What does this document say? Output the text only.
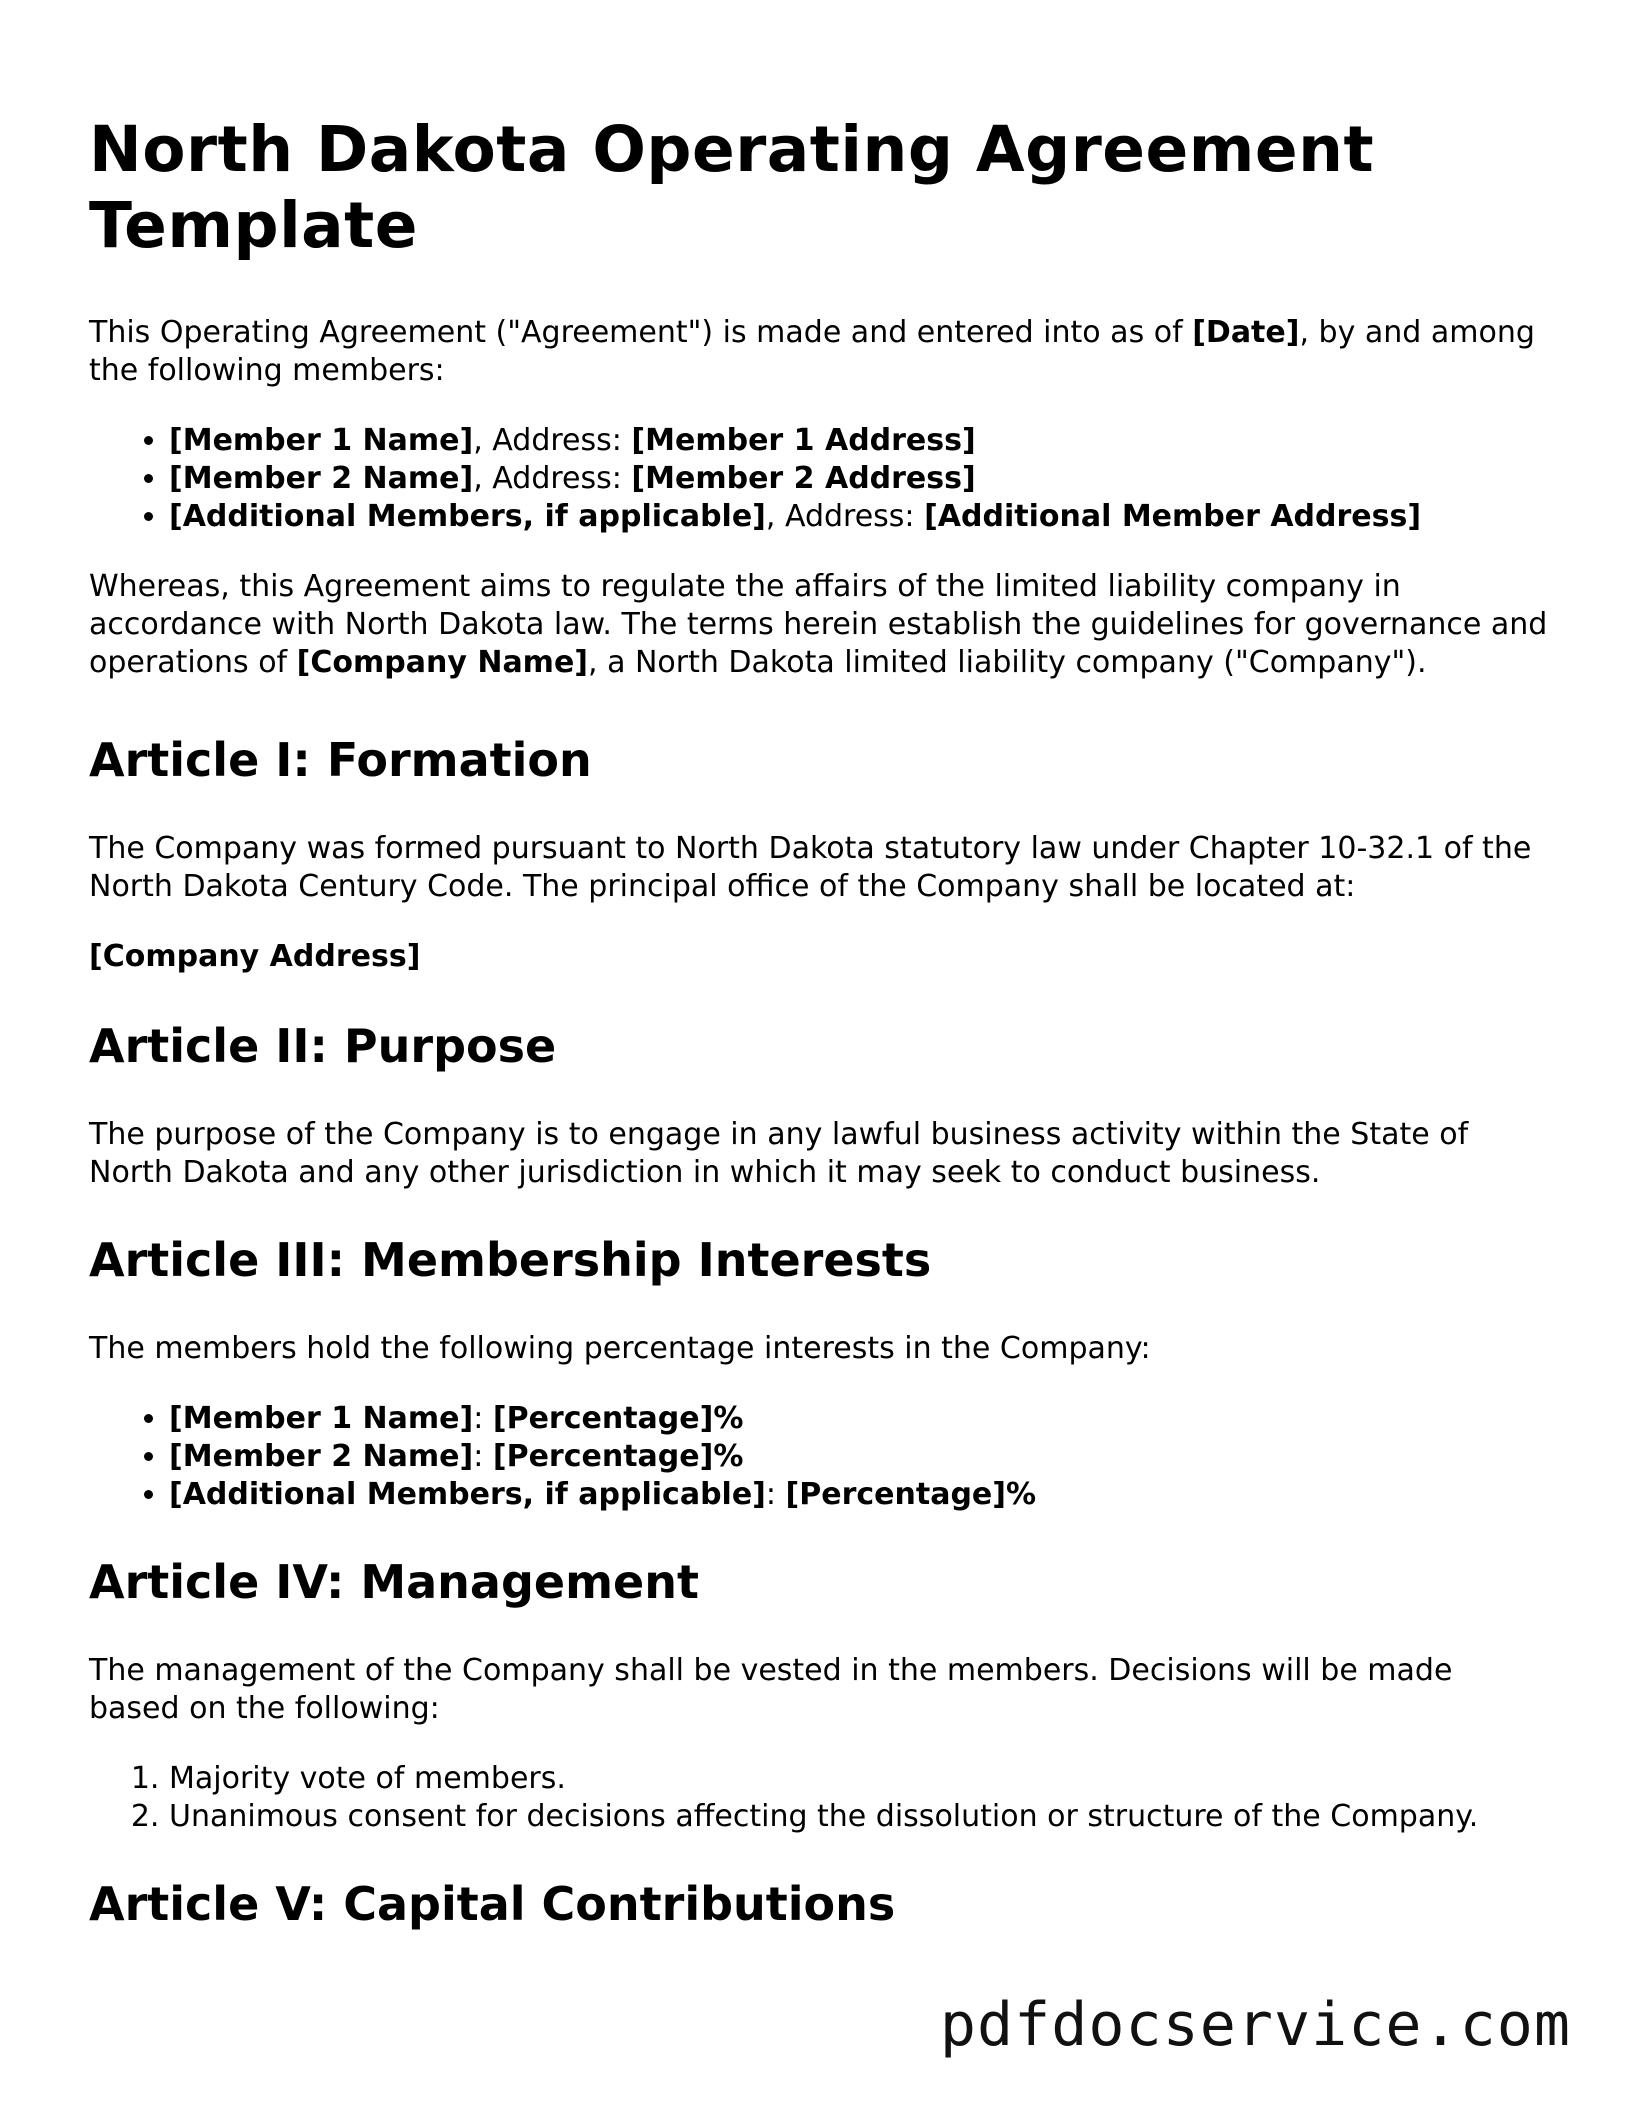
North Dakota Operating Agreement Template

This Operating Agreement ("Agreement") is made and entered into as of [Date], by and among the following members:

• [Member 1 Name], Address: [Member 1 Address]
• [Member 2 Name], Address: [Member 2 Address]
• [Additional Members, if applicable], Address: [Additional Member Address]

Whereas, this Agreement aims to regulate the affairs of the limited liability company in accordance with North Dakota law. The terms herein establish the guidelines for governance and operations of [Company Name], a North Dakota limited liability company ("Company").

Article I: Formation

The Company was formed pursuant to North Dakota statutory law under Chapter 10-32.1 of the North Dakota Century Code. The principal office of the Company shall be located at:

[Company Address]

Article II: Purpose

The purpose of the Company is to engage in any lawful business activity within the State of North Dakota and any other jurisdiction in which it may seek to conduct business.

Article III: Membership Interests

The members hold the following percentage interests in the Company:

• [Member 1 Name]: [Percentage]%
• [Member 2 Name]: [Percentage]%
• [Additional Members, if applicable]: [Percentage]%
Article IV: Management

The management of the Company shall be vested in the members. Decisions will be made based on the following:

1. Majority vote of members.
2. Unanimous consent for decisions affecting the dissolution or structure of the Company.
Article V: Capital Contributions
pdfdocservice.com
